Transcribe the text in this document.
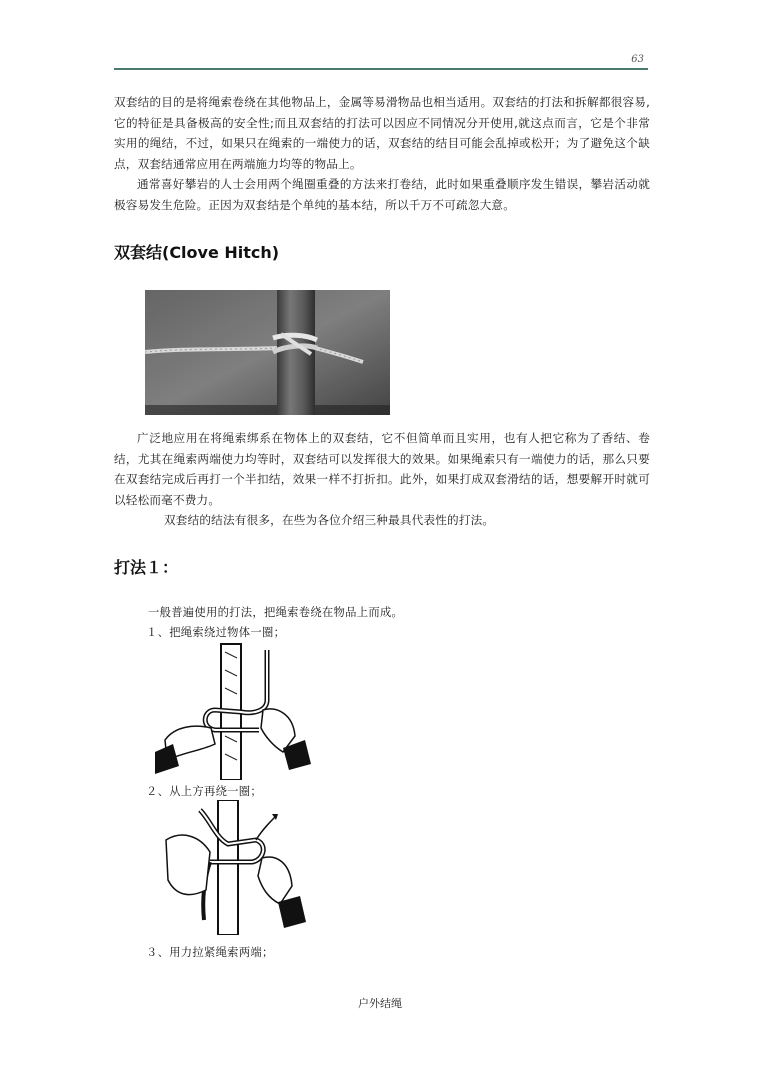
63

双套结的目的是将绳索卷绕在其他物品上，金属等易滑物品也相当适用。双套结的打法和拆解都很容易,它的特征是具备极高的安全性;而且双套结的打法可以因应不同情况分开使用,就这点而言，它是个非常实用的绳结，不过，如果只在绳索的一端使力的话，双套结的结目可能会乱掉或松开；为了避免这个缺点，双套结通常应用在两端施力均等的物品上。

通常喜好攀岩的人士会用两个绳圈重叠的方法来打卷结，此时如果重叠顺序发生错误，攀岩活动就极容易发生危险。正因为双套结是个单纯的基本结，所以千万不可疏忽大意。

双套结(Clove Hitch)

广泛地应用在将绳索绑系在物体上的双套结，它不但简单而且实用，也有人把它称为了香结、卷结，尤其在绳索两端使力均等时，双套结可以发挥很大的效果。如果绳索只有一端使力的话，那么只要在双套结完成后再打一个半扣结，效果一样不打折扣。此外，如果打成双套滑结的话，想要解开时就可以轻松而毫不费力。

双套结的结法有很多，在些为各位介绍三种最具代表性的打法。

打法１：

一般普遍使用的打法，把绳索卷绕在物品上而成。

１、把绳索绕过物体一圈；

２、从上方再绕一圈；

３、用力拉紧绳索两端；

户外结绳
